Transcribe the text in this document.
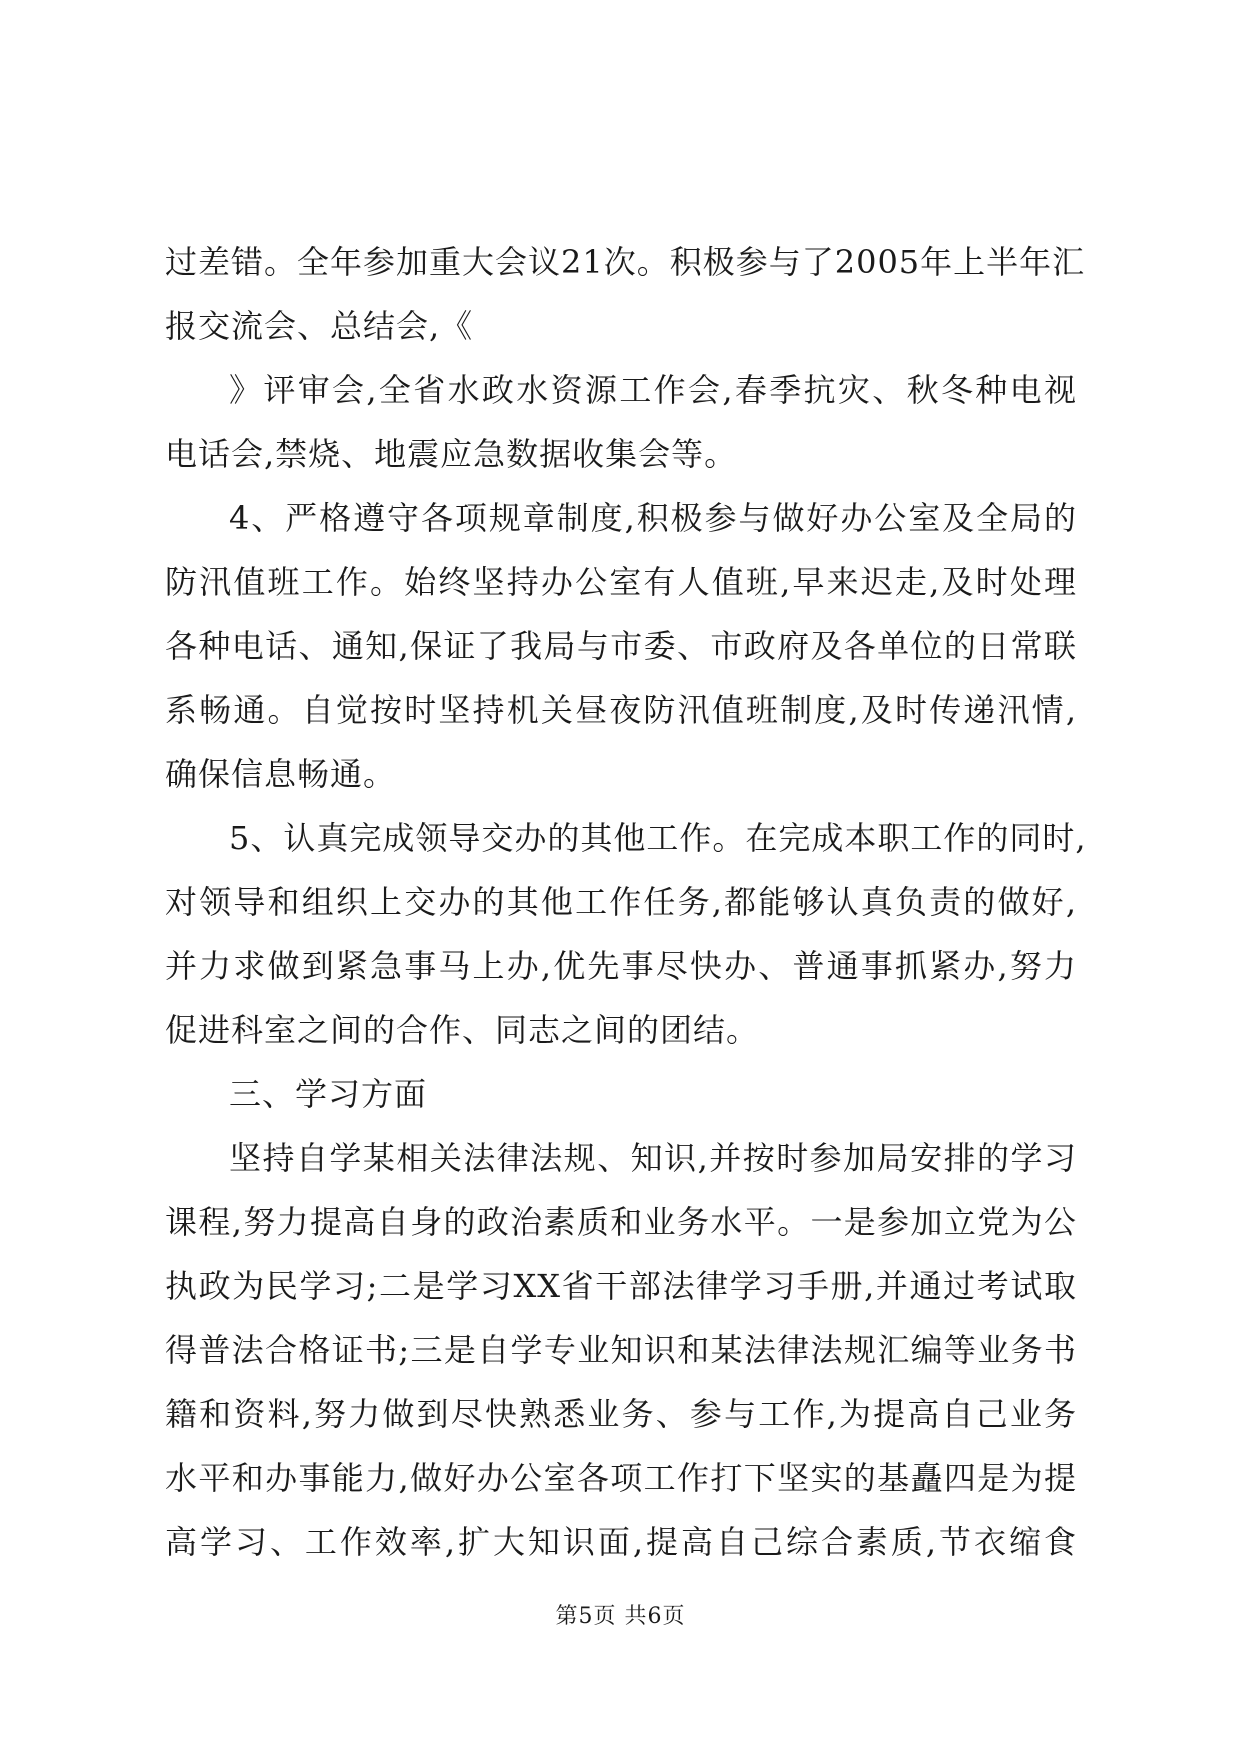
过差错。全年参加重大会议21次。积极参与了2005年上半年汇
报交流会、总结会,《
》评审会,全省水政水资源工作会,春季抗灾、秋冬种电视
电话会,禁烧、地震应急数据收集会等。
4、严格遵守各项规章制度,积极参与做好办公室及全局的
防汛值班工作。始终坚持办公室有人值班,早来迟走,及时处理
各种电话、通知,保证了我局与市委、市政府及各单位的日常联
系畅通。自觉按时坚持机关昼夜防汛值班制度,及时传递汛情,
确保信息畅通。
5、认真完成领导交办的其他工作。在完成本职工作的同时,
对领导和组织上交办的其他工作任务,都能够认真负责的做好,
并力求做到紧急事马上办,优先事尽快办、普通事抓紧办,努力
促进科室之间的合作、同志之间的团结。
三、学习方面
坚持自学某相关法律法规、知识,并按时参加局安排的学习
课程,努力提高自身的政治素质和业务水平。一是参加立党为公
执政为民学习;二是学习XX省干部法律学习手册,并通过考试取
得普法合格证书;三是自学专业知识和某法律法规汇编等业务书
籍和资料,努力做到尽快熟悉业务、参与工作,为提高自己业务
水平和办事能力,做好办公室各项工作打下坚实的基矗四是为提
高学习、工作效率,扩大知识面,提高自己综合素质,节衣缩食
第5页 共6页
